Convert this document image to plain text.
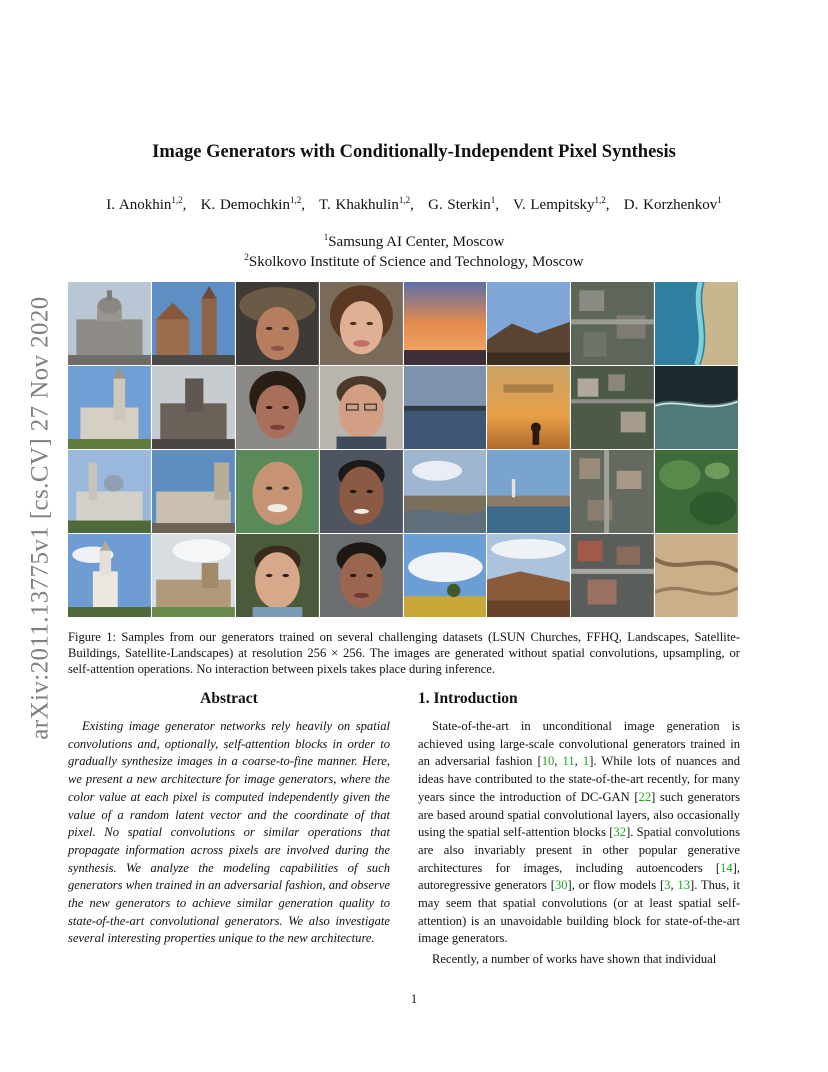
arXiv:2011.13775v1 [cs.CV] 27 Nov 2020
Image Generators with Conditionally-Independent Pixel Synthesis
I. Anokhin$^{1,2}$,   K. Demochkin$^{1,2}$,   T. Khakhulin$^{1,2}$,   G. Sterkin$^1$,   V. Lempitsky$^{1,2}$,   D. Korzhenkov$^1$
$^1$Samsung AI Center, Moscow
$^2$Skolkovo Institute of Science and Technology, Moscow
Figure 1: Samples from our generators trained on several challenging datasets (LSUN Churches, FFHQ, Landscapes, Satellite-Buildings, Satellite-Landscapes) at resolution 256 × 256. The images are generated without spatial convolutions, upsampling, or self-attention operations. No interaction between pixels takes place during inference.
Abstract

Existing image generator networks rely heavily on spatial convolutions and, optionally, self-attention blocks in order to gradually synthesize images in a coarse-to-fine manner. Here, we present a new architecture for image generators, where the color value at each pixel is computed independently given the value of a random latent vector and the coordinate of that pixel. No spatial convolutions or similar operations that propagate information across pixels are involved during the synthesis. We analyze the modeling capabilities of such generators when trained in an adversarial fashion, and observe the new generators to achieve similar generation quality to state-of-the-art convolutional generators. We also investigate several interesting properties unique to the new architecture.

1. Introduction

State-of-the-art in unconditional image generation is achieved using large-scale convolutional generators trained in an adversarial fashion [10, 11, 1]. While lots of nuances and ideas have contributed to the state-of-the-art recently, for many years since the introduction of DC-GAN [22] such generators are based around spatial convolutional layers, also occasionally using the spatial self-attention blocks [32]. Spatial convolutions are also invariably present in other popular generative architectures for images, including autoencoders [14], autoregressive generators [30], or flow models [3, 13]. Thus, it may seem that spatial convolutions (or at least spatial self-attention) is an unavoidable building block for state-of-the-art image generators.

Recently, a number of works have shown that individual

1
